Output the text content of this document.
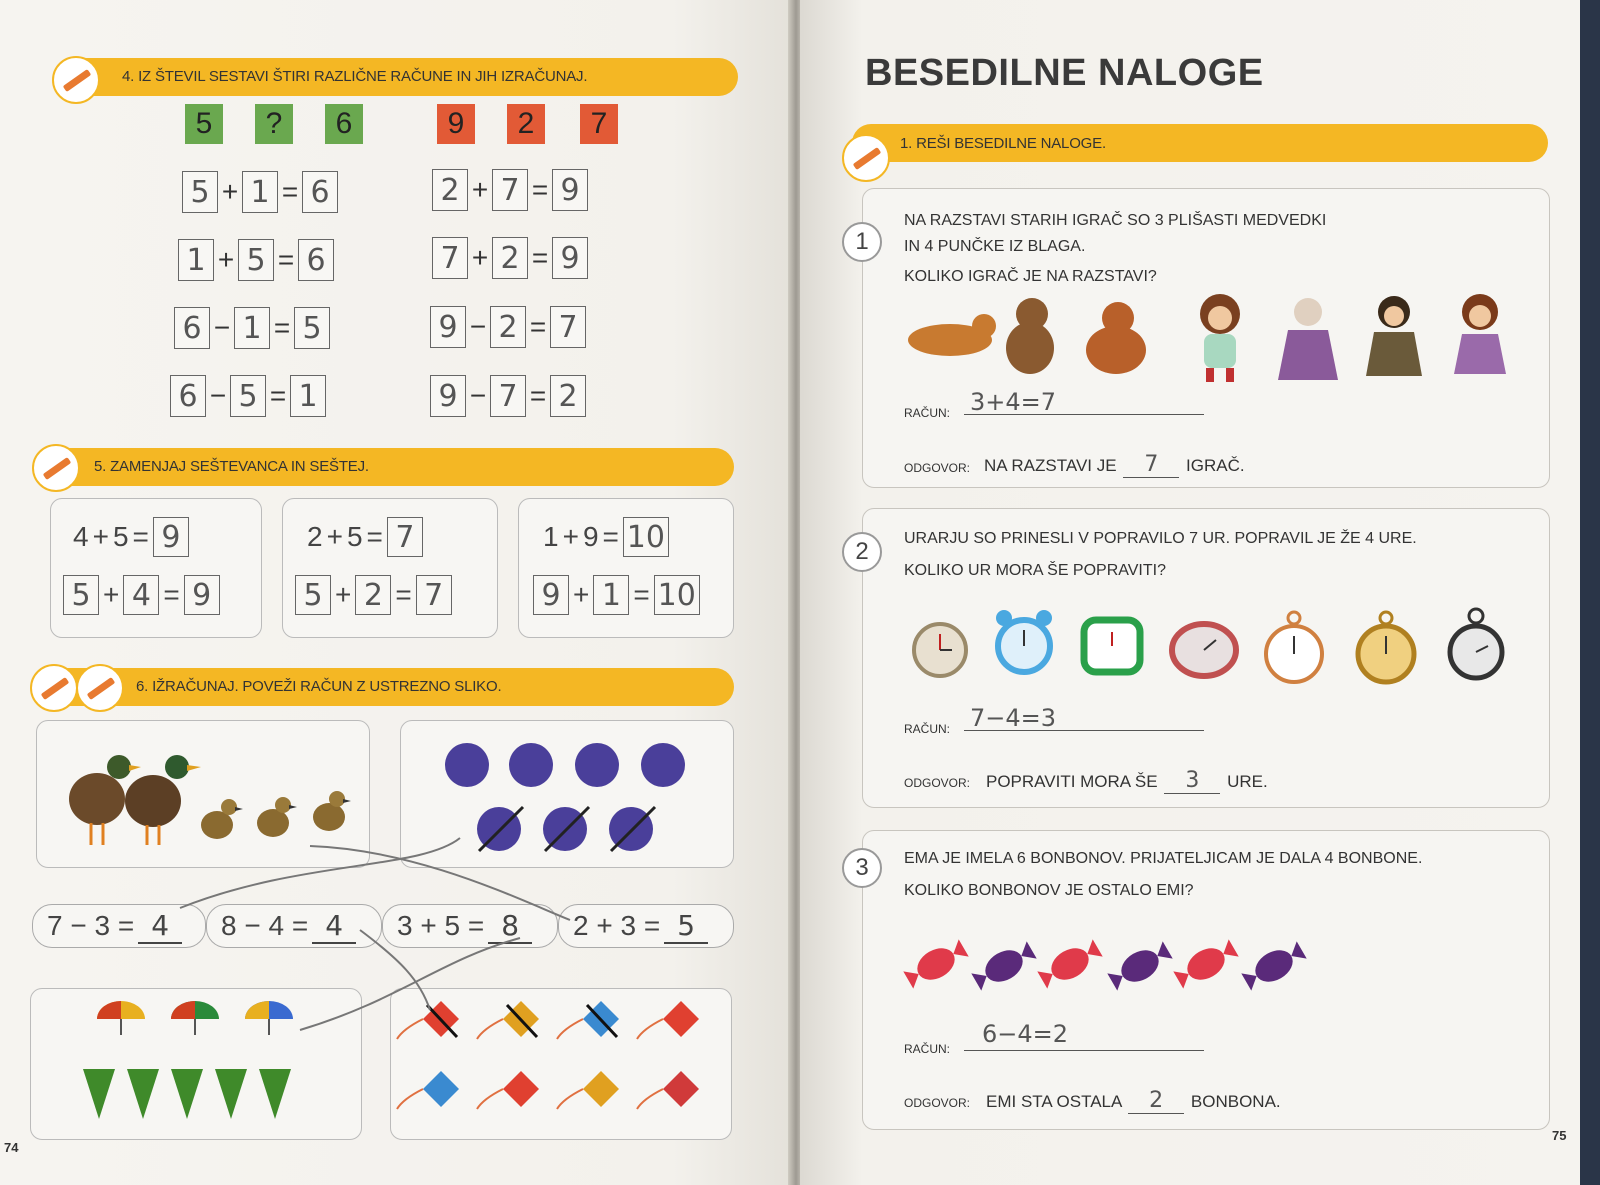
4. IZ ŠTEVIL SESTAVI ŠTIRI RAZLIČNE RAČUNE IN JIH IZRAČUNAJ.
5	?	6	9	2	7
5 + 1 = 6
1 + 5 = 6
6 − 1 = 5
6 − 5 = 1
2 + 7 = 9
7 + 2 = 9
9 − 2 = 7
9 − 7 = 2
5. ZAMENJAJ SEŠTEVANCA IN SEŠTEJ.
4 + 5 = 9
5 + 4 = 9
2 + 5 = 7
5 + 2 = 7
1 + 9 = 10
9 + 1 = 10
6. IŽRAČUNAJ. POVEŽI RAČUN Z USTREZNO SLIKO.
7 − 3 = 4	8 − 4 = 4	3 + 5 = 8	2 + 3 = 5
74
75
BESEDILNE NALOGE
1. REŠI BESEDILNE NALOGE.
1
NA RAZSTAVI STARIH IGRAČ SO 3 PLIŠASTI MEDVEDKI
IN 4 PUNČKE IZ BLAGA.
KOLIKO IGRAČ JE NA RAZSTAVI?
RAČUN: 3+4=7
ODGOVOR: NA RAZSTAVI JE 7 IGRAČ.
2	URARJU SO PRINESLI V POPRAVILO 7 UR. POPRAVIL JE ŽE 4 URE.
KOLIKO UR MORA ŠE POPRAVITI?
RAČUN: 7−4=3
ODGOVOR: POPRAVITI MORA ŠE 3 URE.
3	EMA JE IMELA 6 BONBONOV. PRIJATELJICAM JE DALA 4 BONBONE.
KOLIKO BONBONOV JE OSTALO EMI?
RAČUN:
6−4=2
ODGOVOR: EMI STA OSTALA 2 BONBONA.
